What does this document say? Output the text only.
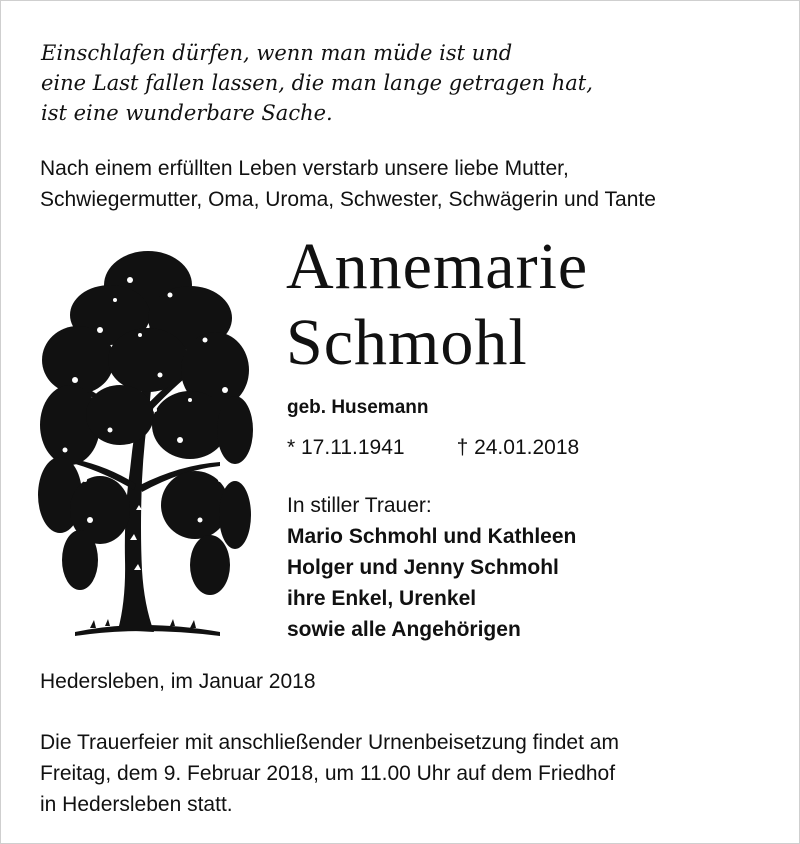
Einschlafen dürfen, wenn man müde ist und
eine Last fallen lassen, die man lange getragen hat,
ist eine wunderbare Sache.
Nach einem erfüllten Leben verstarb unsere liebe Mutter,
Schwiegermutter, Oma, Uroma, Schwester, Schwägerin und Tante
Annemarie
Schmohl
geb. Husemann
* 17.11.1941 † 24.01.2018
In stiller Trauer:
Mario Schmohl und Kathleen
Holger und Jenny Schmohl
ihre Enkel, Urenkel
sowie alle Angehörigen
Hedersleben, im Januar 2018
Die Trauerfeier mit anschließender Urnenbeisetzung findet am
Freitag, dem 9. Februar 2018, um 11.00 Uhr auf dem Friedhof
in Hedersleben statt.
